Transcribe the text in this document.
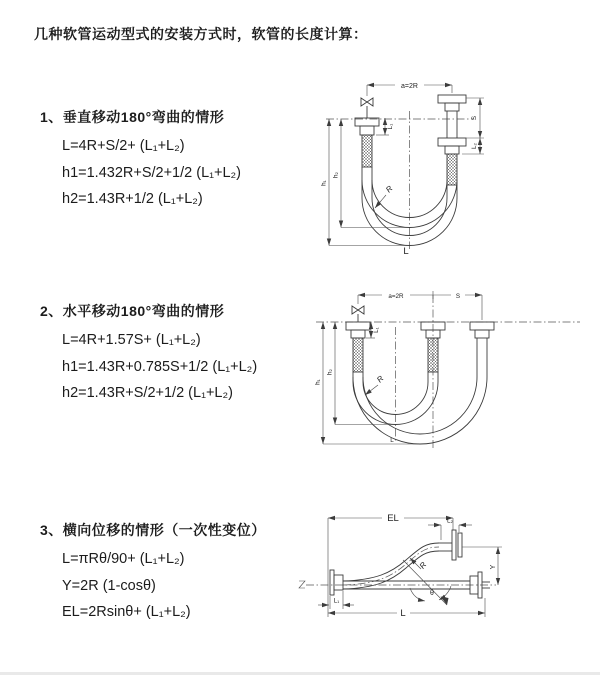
几种软管运动型式的安装方式时，软管的长度计算：
1、垂直移动180°弯曲的情形
L=4R+S/2+ (L₁+L₂)
h1=1.432R+S/2+1/2 (L₁+L₂)
h2=1.43R+1/2 (L₁+L₂)
2、水平移动180°弯曲的情形
L=4R+1.57S+ (L₁+L₂)
h1=1.43R+0.785S+1/2 (L₁+L₂)
h2=1.43R+S/2+1/2 (L₁+L₂)
3、横向位移的情形（一次性变位）
L=πRθ/90+ (L₁+L₂)
Y=2R (1-cosθ)
EL=2Rsinθ+ (L₁+L₂)
a=2R
h₁
h₂
L₁
S
L₂
R
L
a=2R	S
h₁
h₂
L₁
R
L
EL	L₂
Y
θ
R
L
L₁
